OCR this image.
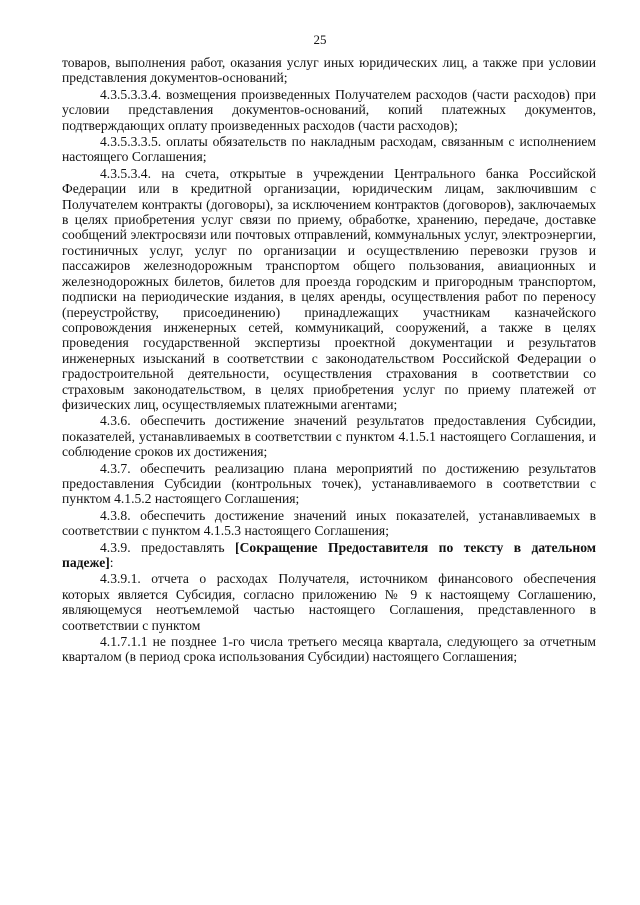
25

товаров, выполнения работ, оказания услуг иных юридических лиц, а также при условии представления документов-оснований;

4.3.5.3.3.4. возмещения произведенных Получателем расходов (части расходов) при условии представления документов-оснований, копий платежных документов, подтверждающих оплату произведенных расходов (части расходов);

4.3.5.3.3.5. оплаты обязательств по накладным расходам, связанным с исполнением настоящего Соглашения;

4.3.5.3.4. на счета, открытые в учреждении Центрального банка Российской Федерации или в кредитной организации, юридическим лицам, заключившим с Получателем контракты (договоры), за исключением контрактов (договоров), заключаемых в целях приобретения услуг связи по приему, обработке, хранению, передаче, доставке сообщений электросвязи или почтовых отправлений, коммунальных услуг, электроэнергии, гостиничных услуг, услуг по организации и осуществлению перевозки грузов и пассажиров железнодорожным транспортом общего пользования, авиационных и железнодорожных билетов, билетов для проезда городским и пригородным транспортом, подписки на периодические издания, в целях аренды, осуществления работ по переносу (переустройству, присоединению) принадлежащих участникам казначейского сопровождения инженерных сетей, коммуникаций, сооружений, а также в целях проведения государственной экспертизы проектной документации и результатов инженерных изысканий в соответствии с законодательством Российской Федерации о градостроительной деятельности, осуществления страхования в соответствии со страховым законодательством, в целях приобретения услуг по приему платежей от физических лиц, осуществляемых платежными агентами;

4.3.6. обеспечить достижение значений результатов предоставления Субсидии, показателей, устанавливаемых в соответствии с пунктом 4.1.5.1 настоящего Соглашения, и соблюдение сроков их достижения;

4.3.7. обеспечить реализацию плана мероприятий по достижению результатов предоставления Субсидии (контрольных точек), устанавливаемого в соответствии с пунктом 4.1.5.2 настоящего Соглашения;

4.3.8. обеспечить достижение значений иных показателей, устанавливаемых в соответствии с пунктом 4.1.5.3 настоящего Соглашения;

4.3.9. предоставлять [Сокращение Предоставителя по тексту в дательном падеже]:

4.3.9.1. отчета о расходах Получателя, источником финансового обеспечения которых является Субсидия, согласно приложению № 9 к настоящему Соглашению, являющемуся неотъемлемой частью настоящего Соглашения, представленного в соответствии с пунктом

4.1.7.1.1 не позднее 1-го числа третьего месяца квартала, следующего за отчетным кварталом (в период срока использования Субсидии) настоящего Соглашения;
